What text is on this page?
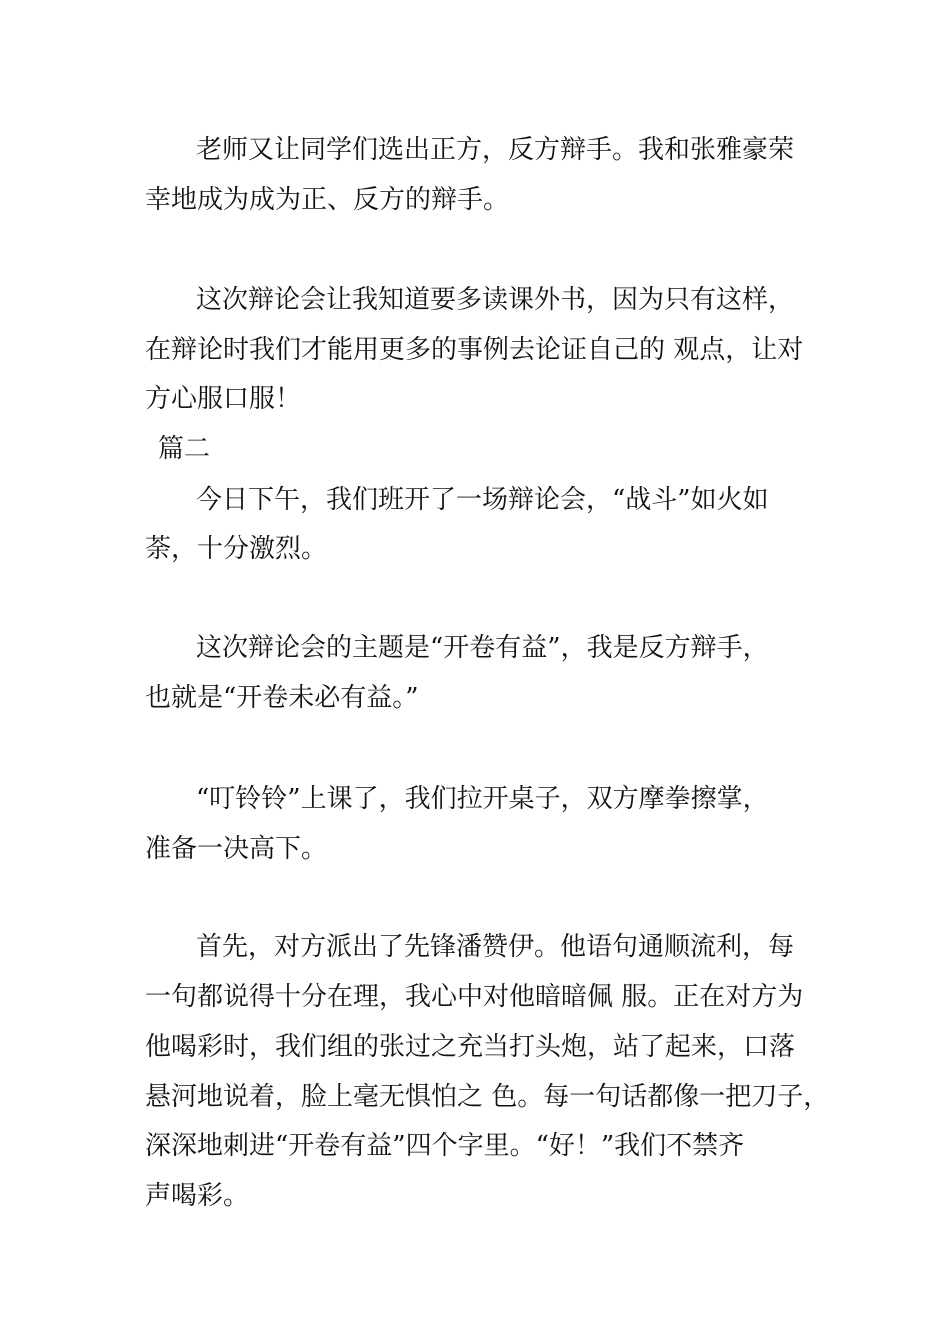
老师又让同学们选出正方，反方辩手。我和张雅豪荣
幸地成为成为正、反方的辩手。
这次辩论会让我知道要多读课外书，因为只有这样，
在辩论时我们才能用更多的事例去论证自己的 观点，让对
方心服口服！
篇二
今日下午，我们班开了一场辩论会，“战斗”如火如
荼，十分激烈。
这次辩论会的主题是“开卷有益”，我是反方辩手，
也就是“开卷未必有益。”
“叮铃铃”上课了，我们拉开桌子，双方摩拳擦掌，
准备一决高下。
首先，对方派出了先锋潘赞伊。他语句通顺流利，每
一句都说得十分在理，我心中对他暗暗佩 服。正在对方为
他喝彩时，我们组的张过之充当打头炮，站了起来，口落
悬河地说着，脸上毫无惧怕之 色。每一句话都像一把刀子，
深深地刺进“开卷有益”四个字里。“好！”我们不禁齐
声喝彩。
